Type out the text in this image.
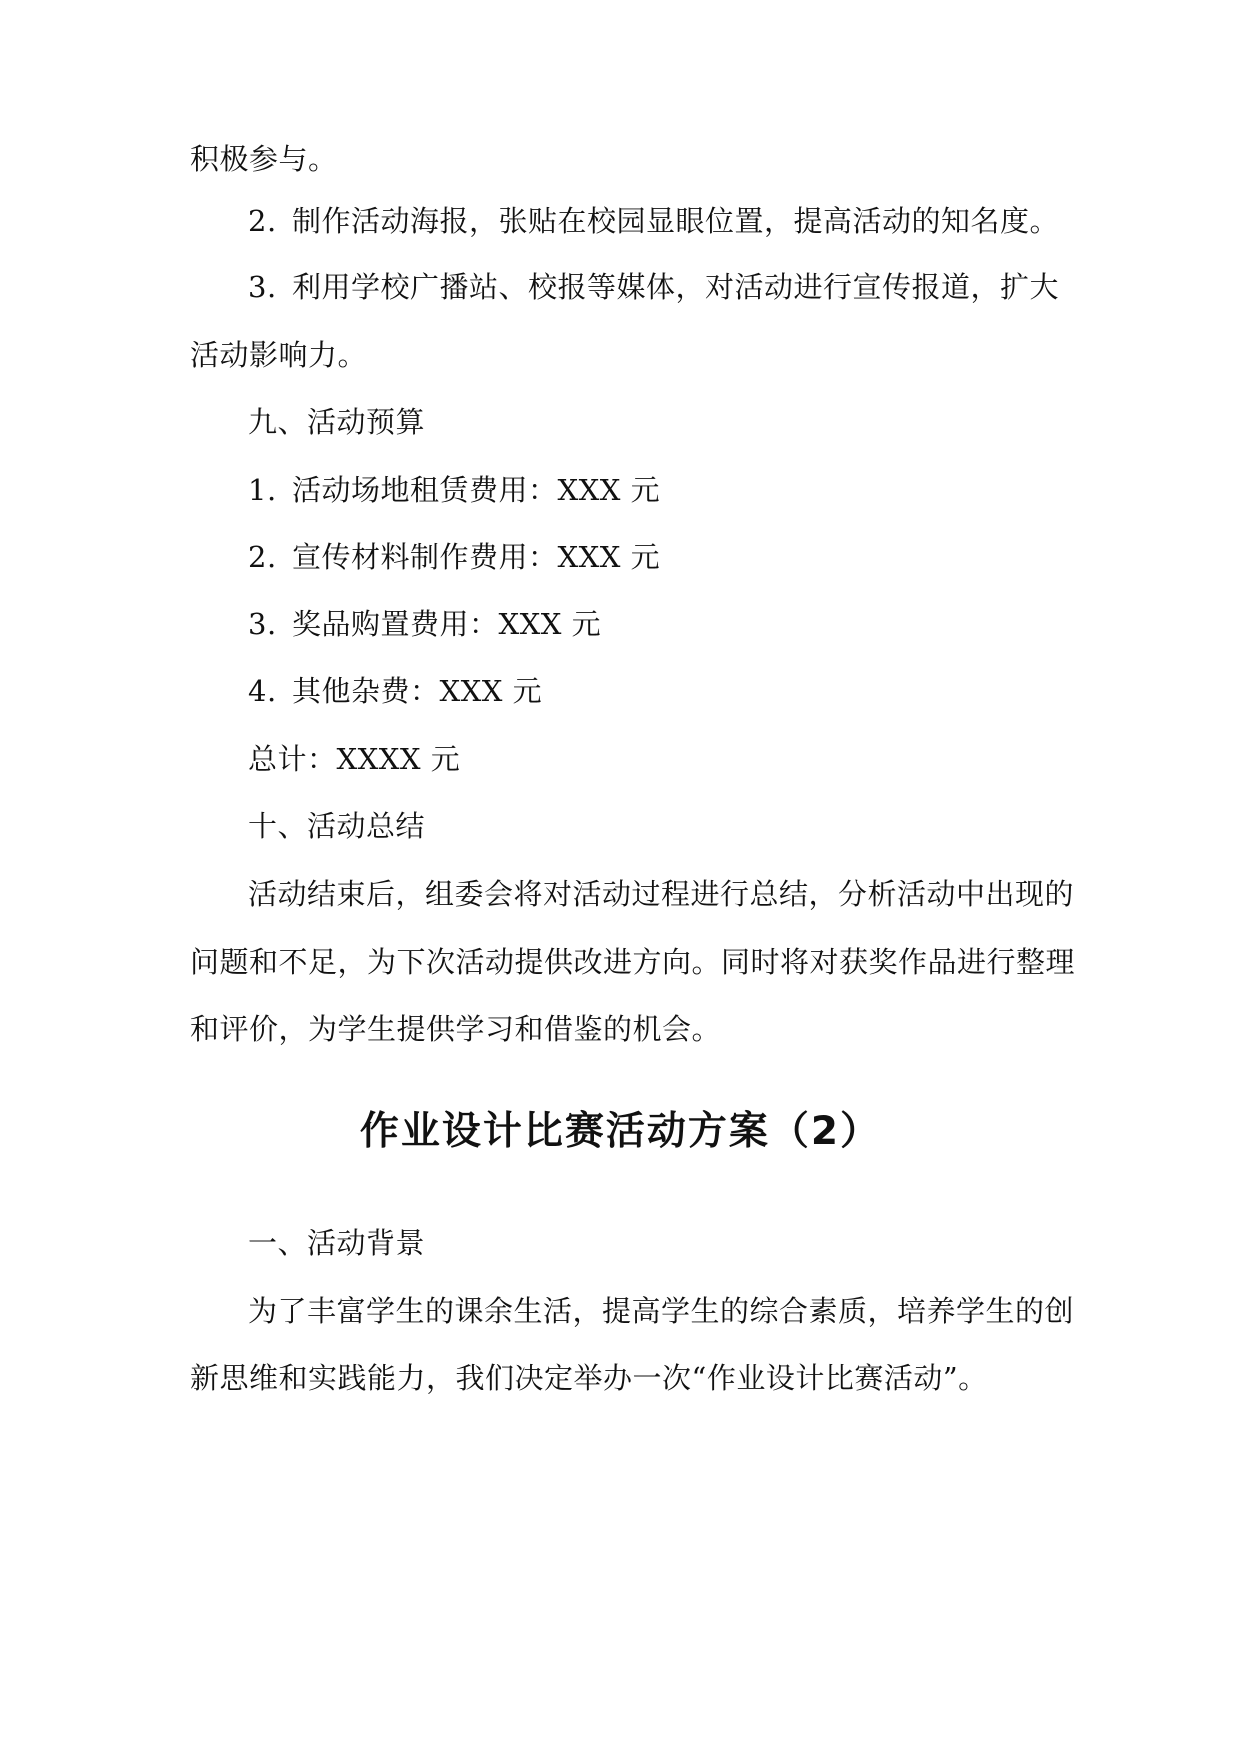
积极参与。
2. 制作活动海报，张贴在校园显眼位置，提高活动的知名度。
3. 利用学校广播站、校报等媒体，对活动进行宣传报道，扩大
活动影响力。
九、活动预算
1. 活动场地租赁费用：XXX 元
2. 宣传材料制作费用：XXX 元
3. 奖品购置费用：XXX 元
4. 其他杂费：XXX 元
总计：XXXX 元
十、活动总结
活动结束后，组委会将对活动过程进行总结，分析活动中出现的
问题和不足，为下次活动提供改进方向。同时将对获奖作品进行整理
和评价，为学生提供学习和借鉴的机会。
作业设计比赛活动方案（2）
一、活动背景
为了丰富学生的课余生活，提高学生的综合素质，培养学生的创
新思维和实践能力，我们决定举办一次“作业设计比赛活动”。
